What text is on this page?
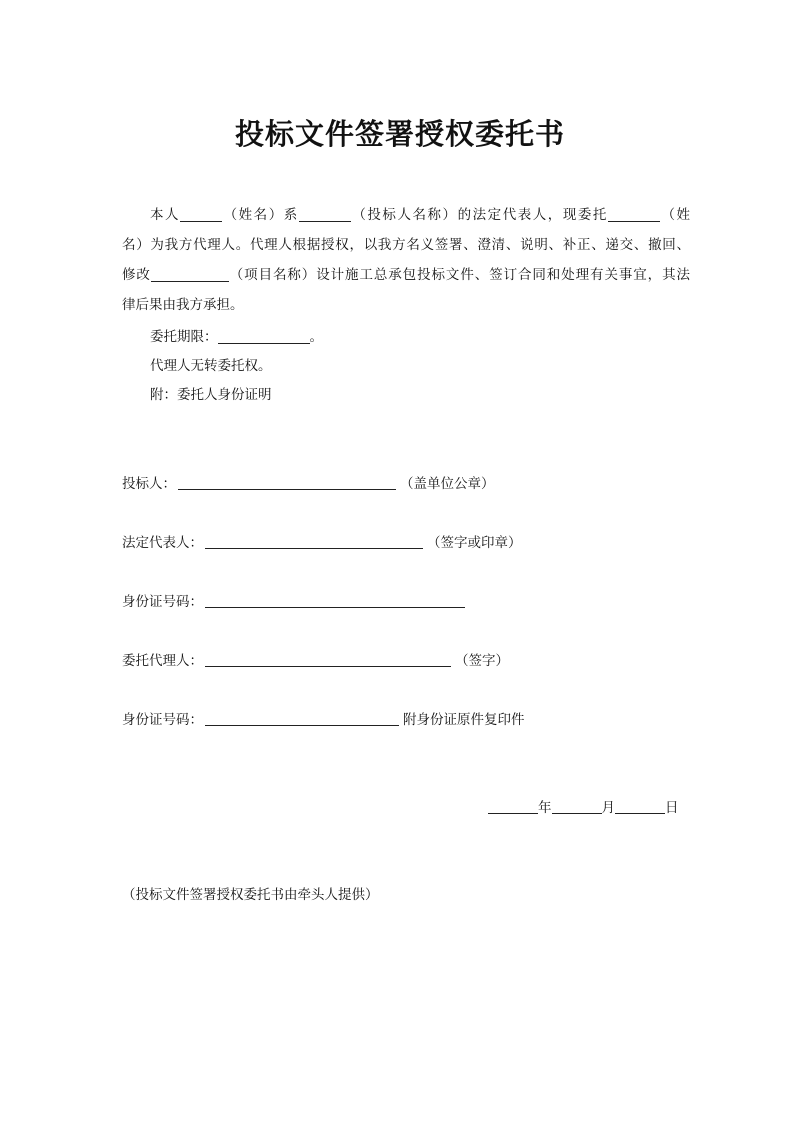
投标文件签署授权委托书
本人	（姓名）系	（投标人名称）的法定代表人，现委托	（姓
名）为我方代理人。代理人根据授权，以我方名义签署、澄清、说明、补正、递交、撤回、
修改	（项目名称）设计施工总承包投标文件、签订合同和处理有关事宜，其法
律后果由我方承担。
委托期限：	。
代理人无转委托权。
附：委托人身份证明
投标人：	（盖单位公章）
法定代表人：	（签字或印章）
身份证号码：
委托代理人：	（签字）
身份证号码：	附身份证原件复印件
年	月	日
（投标文件签署授权委托书由牵头人提供）
